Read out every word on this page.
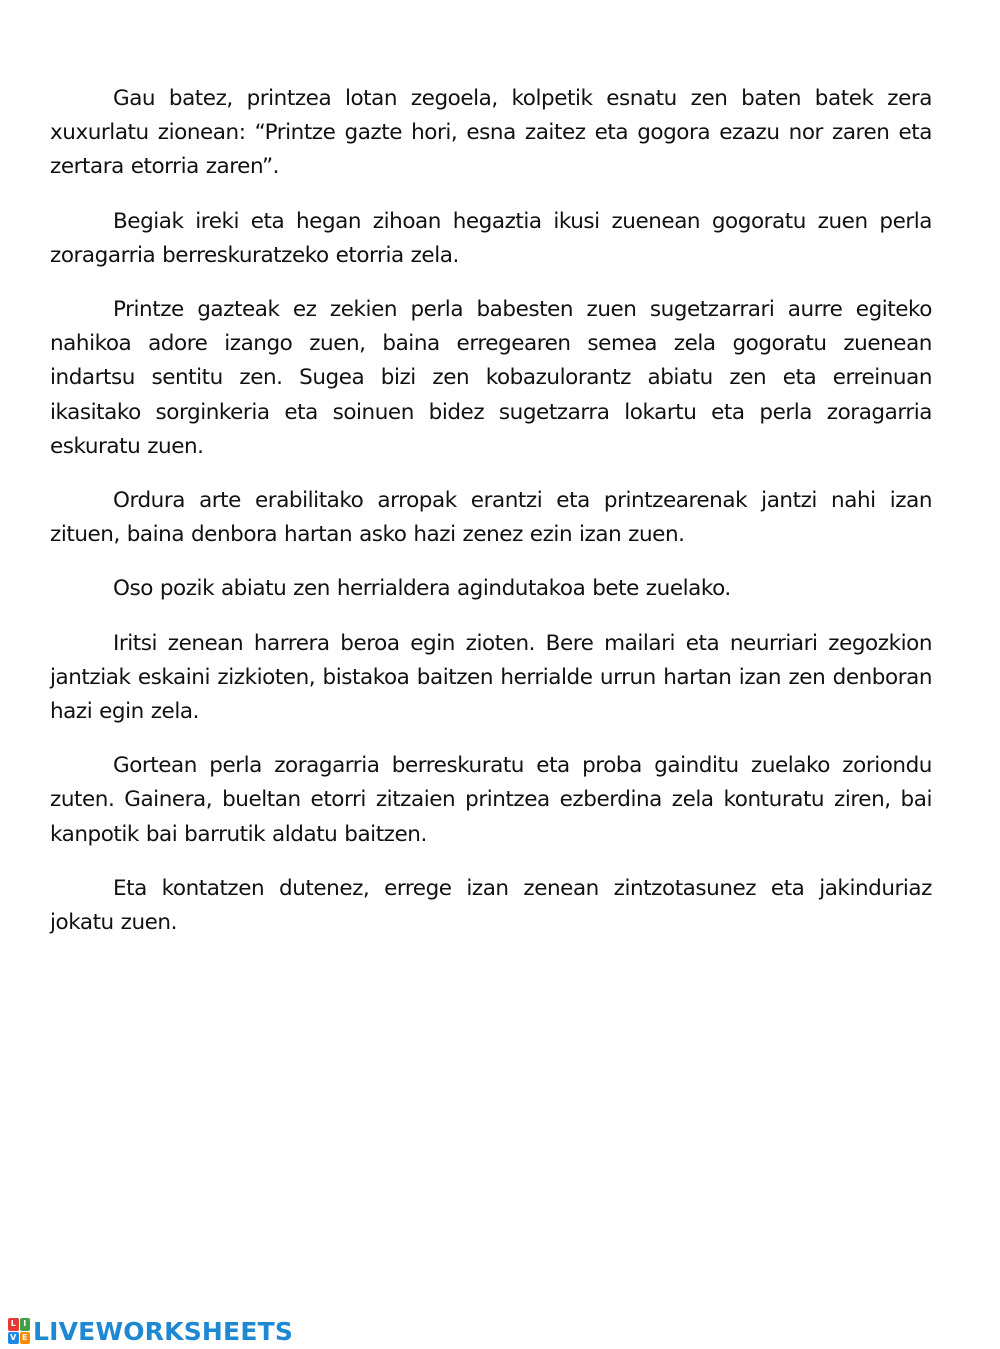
Gau batez, printzea lotan zegoela, kolpetik esnatu zen baten batek zera xuxurlatu zionean: “Printze gazte hori, esna zaitez eta gogora ezazu nor zaren eta zertara etorria zaren”.

Begiak ireki eta hegan zihoan hegaztia ikusi zuenean gogoratu zuen perla zoragarria berreskuratzeko etorria zela.

Printze gazteak ez zekien perla babesten zuen sugetzarrari aurre egiteko nahikoa adore izango zuen, baina erregearen semea zela gogoratu zuenean indartsu sentitu zen. Sugea bizi zen kobazulorantz abiatu zen eta erreinuan ikasitako sorginkeria eta soinuen bidez sugetzarra lokartu eta perla zoragarria eskuratu zuen.

Ordura arte erabilitako arropak erantzi eta printzearenak jantzi nahi izan zituen, baina denbora hartan asko hazi zenez ezin izan zuen.

Oso pozik abiatu zen herrialdera agindutakoa bete zuelako.

Iritsi zenean harrera beroa egin zioten. Bere mailari eta neurriari zegozkion jantziak eskaini zizkioten, bistakoa baitzen herrialde urrun hartan izan zen denboran hazi egin zela.

Gortean perla zoragarria berreskuratu eta proba gainditu zuelako zoriondu zuten. Gainera, bueltan etorri zitzaien printzea ezberdina zela konturatu ziren, bai kanpotik bai barrutik aldatu baitzen.

Eta kontatzen dutenez, errege izan zenean zintzotasunez eta jakinduriaz jokatu zuen.

L I
V E LIVEWORKSHEETS
